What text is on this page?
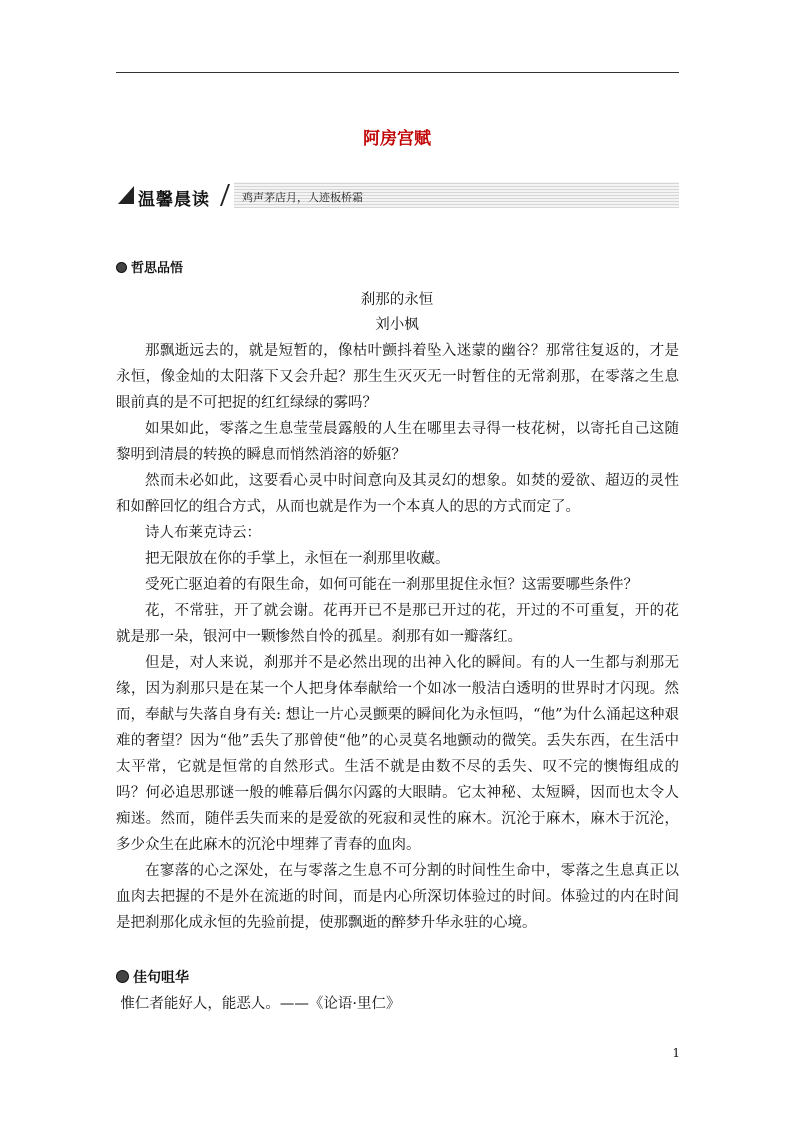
阿房宫赋
温馨晨读	鸡声茅店月，人迹板桥霜
哲思品悟
刹那的永恒
刘小枫

那飘逝远去的，就是短暂的，像枯叶颤抖着坠入迷蒙的幽谷？那常往复返的，才是永恒，像金灿的太阳落下又会升起？那生生灭灭无一时暂住的无常刹那，在零落之生息眼前真的是不可把捉的红红绿绿的雾吗？

如果如此，零落之生息莹莹晨露般的人生在哪里去寻得一枝花树，以寄托自己这随黎明到清晨的转换的瞬息而悄然消溶的娇躯？

然而未必如此，这要看心灵中时间意向及其灵幻的想象。如焚的爱欲、超迈的灵性和如醉回忆的组合方式，从而也就是作为一个本真人的思的方式而定了。

诗人布莱克诗云：

把无限放在你的手掌上，永恒在一刹那里收藏。

受死亡驱迫着的有限生命，如何可能在一刹那里捉住永恒？这需要哪些条件？

花，不常驻，开了就会谢。花再开已不是那已开过的花，开过的不可重复，开的花就是那一朵，银河中一颗惨然自怜的孤星。刹那有如一瓣落红。

但是，对人来说，刹那并不是必然出现的出神入化的瞬间。有的人一生都与刹那无缘，因为刹那只是在某一个人把身体奉献给一个如冰一般洁白透明的世界时才闪现。然而，奉献与失落自身有关: 想让一片心灵颤栗的瞬间化为永恒吗，“他”为什么涌起这种艰难的奢望？因为“他”丢失了那曾使“他”的心灵莫名地颤动的微笑。丢失东西，在生活中太平常，它就是恒常的自然形式。生活不就是由数不尽的丢失、叹不完的懊悔组成的吗？何必追思那谜一般的帷幕后偶尔闪露的大眼睛。它太神秘、太短瞬，因而也太令人痴迷。然而，随伴丢失而来的是爱欲的死寂和灵性的麻木。沉沦于麻木，麻木于沉沦，多少众生在此麻木的沉沦中埋葬了青春的血肉。

在寥落的心之深处，在与零落之生息不可分割的时间性生命中，零落之生息真正以血肉去把握的不是外在流逝的时间，而是内心所深切体验过的时间。体验过的内在时间是把刹那化成永恒的先验前提，使那飘逝的醉梦升华永驻的心境。

佳句咀华
惟仁者能好人，能恶人。——《论语·里仁》
1
